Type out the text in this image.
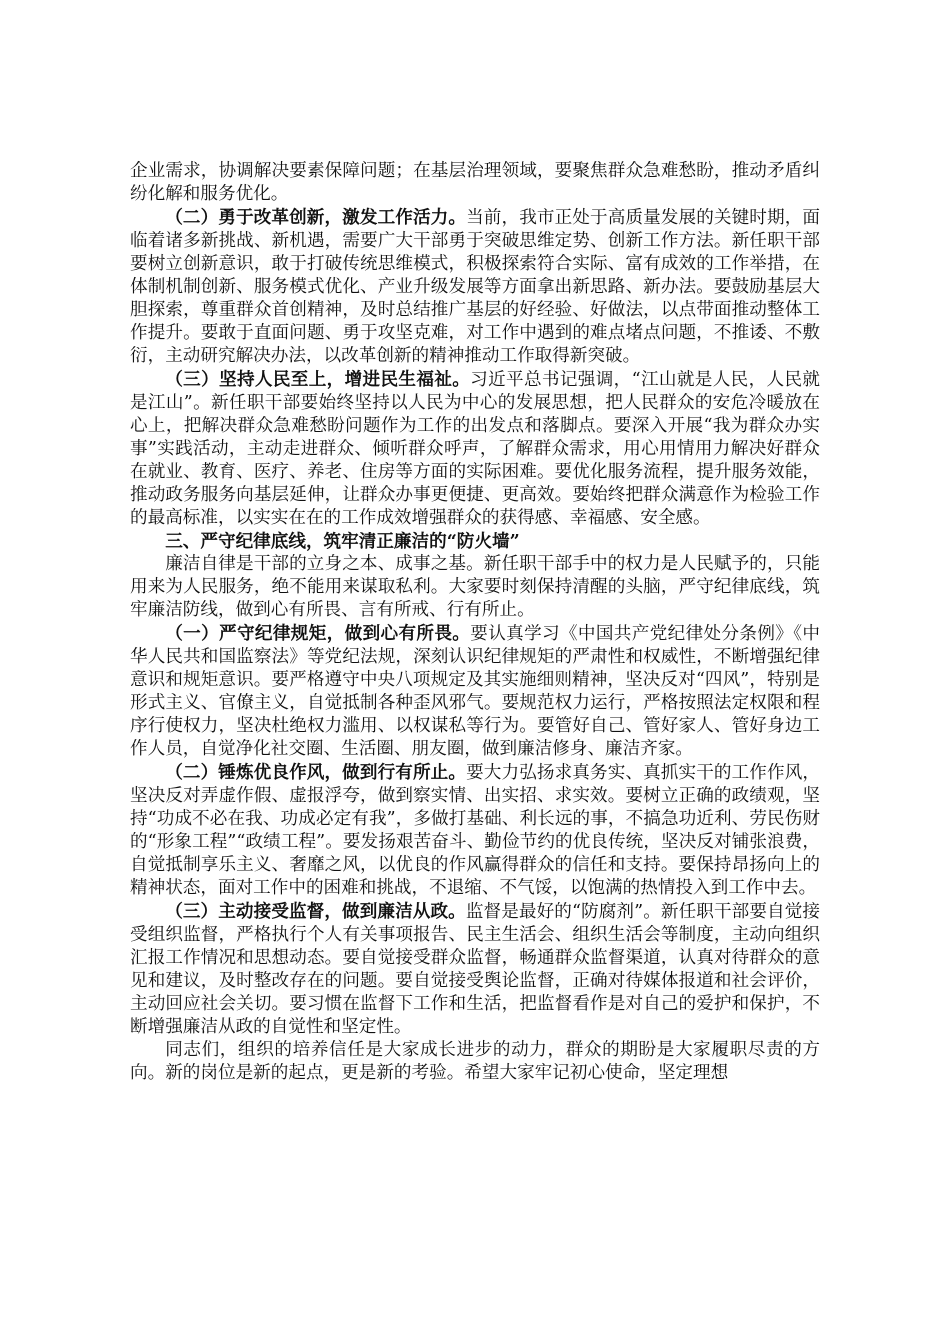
企业需求，协调解决要素保障问题；在基层治理领域，要聚焦群众急难愁盼，推动矛盾纠纷化解和服务优化。

（二）勇于改革创新，激发工作活力。当前，我市正处于高质量发展的关键时期，面临着诸多新挑战、新机遇，需要广大干部勇于突破思维定势、创新工作方法。新任职干部要树立创新意识，敢于打破传统思维模式，积极探索符合实际、富有成效的工作举措，在体制机制创新、服务模式优化、产业升级发展等方面拿出新思路、新办法。要鼓励基层大胆探索，尊重群众首创精神，及时总结推广基层的好经验、好做法，以点带面推动整体工作提升。要敢于直面问题、勇于攻坚克难，对工作中遇到的难点堵点问题，不推诿、不敷衍，主动研究解决办法，以改革创新的精神推动工作取得新突破。

（三）坚持人民至上，增进民生福祉。习近平总书记强调，“江山就是人民，人民就是江山”。新任职干部要始终坚持以人民为中心的发展思想，把人民群众的安危冷暖放在心上，把解决群众急难愁盼问题作为工作的出发点和落脚点。要深入开展“我为群众办实事”实践活动，主动走进群众、倾听群众呼声，了解群众需求，用心用情用力解决好群众在就业、教育、医疗、养老、住房等方面的实际困难。要优化服务流程，提升服务效能，推动政务服务向基层延伸，让群众办事更便捷、更高效。要始终把群众满意作为检验工作的最高标准，以实实在在的工作成效增强群众的获得感、幸福感、安全感。

三、严守纪律底线，筑牢清正廉洁的“防火墙”

廉洁自律是干部的立身之本、成事之基。新任职干部手中的权力是人民赋予的，只能用来为人民服务，绝不能用来谋取私利。大家要时刻保持清醒的头脑，严守纪律底线，筑牢廉洁防线，做到心有所畏、言有所戒、行有所止。

（一）严守纪律规矩，做到心有所畏。要认真学习《中国共产党纪律处分条例》《中华人民共和国监察法》等党纪法规，深刻认识纪律规矩的严肃性和权威性，不断增强纪律意识和规矩意识。要严格遵守中央八项规定及其实施细则精神，坚决反对“四风”，特别是形式主义、官僚主义，自觉抵制各种歪风邪气。要规范权力运行，严格按照法定权限和程序行使权力，坚决杜绝权力滥用、以权谋私等行为。要管好自己、管好家人、管好身边工作人员，自觉净化社交圈、生活圈、朋友圈，做到廉洁修身、廉洁齐家。

（二）锤炼优良作风，做到行有所止。要大力弘扬求真务实、真抓实干的工作作风，坚决反对弄虚作假、虚报浮夸，做到察实情、出实招、求实效。要树立正确的政绩观，坚持“功成不必在我、功成必定有我”，多做打基础、利长远的事，不搞急功近利、劳民伤财的“形象工程”“政绩工程”。要发扬艰苦奋斗、勤俭节约的优良传统，坚决反对铺张浪费，自觉抵制享乐主义、奢靡之风，以优良的作风赢得群众的信任和支持。要保持昂扬向上的精神状态，面对工作中的困难和挑战，不退缩、不气馁，以饱满的热情投入到工作中去。

（三）主动接受监督，做到廉洁从政。监督是最好的“防腐剂”。新任职干部要自觉接受组织监督，严格执行个人有关事项报告、民主生活会、组织生活会等制度，主动向组织汇报工作情况和思想动态。要自觉接受群众监督，畅通群众监督渠道，认真对待群众的意见和建议，及时整改存在的问题。要自觉接受舆论监督，正确对待媒体报道和社会评价，主动回应社会关切。要习惯在监督下工作和生活，把监督看作是对自己的爱护和保护，不断增强廉洁从政的自觉性和坚定性。

同志们，组织的培养信任是大家成长进步的动力，群众的期盼是大家履职尽责的方向。新的岗位是新的起点，更是新的考验。希望大家牢记初心使命，坚定理想
